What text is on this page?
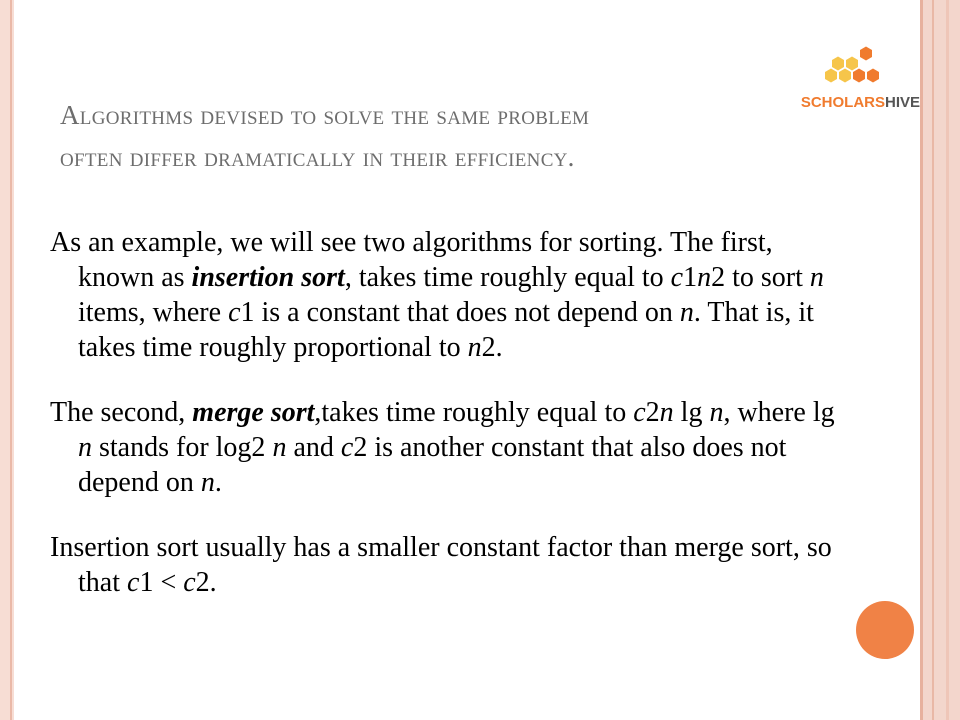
SCHOLARSHIVE
Algorithms devised to solve the same problem
often differ dramatically in their efficiency.

As an example, we will see two algorithms for sorting. The first, known as insertion sort, takes time roughly equal to c1n2 to sort n items, where c1 is a constant that does not depend on n. That is, it takes time roughly proportional to n2.

The second, merge sort,takes time roughly equal to c2n lg n, where lg n stands for log2 n and c2 is another constant that also does not depend on n.

Insertion sort usually has a smaller constant factor than merge sort, so that c1 < c2.
